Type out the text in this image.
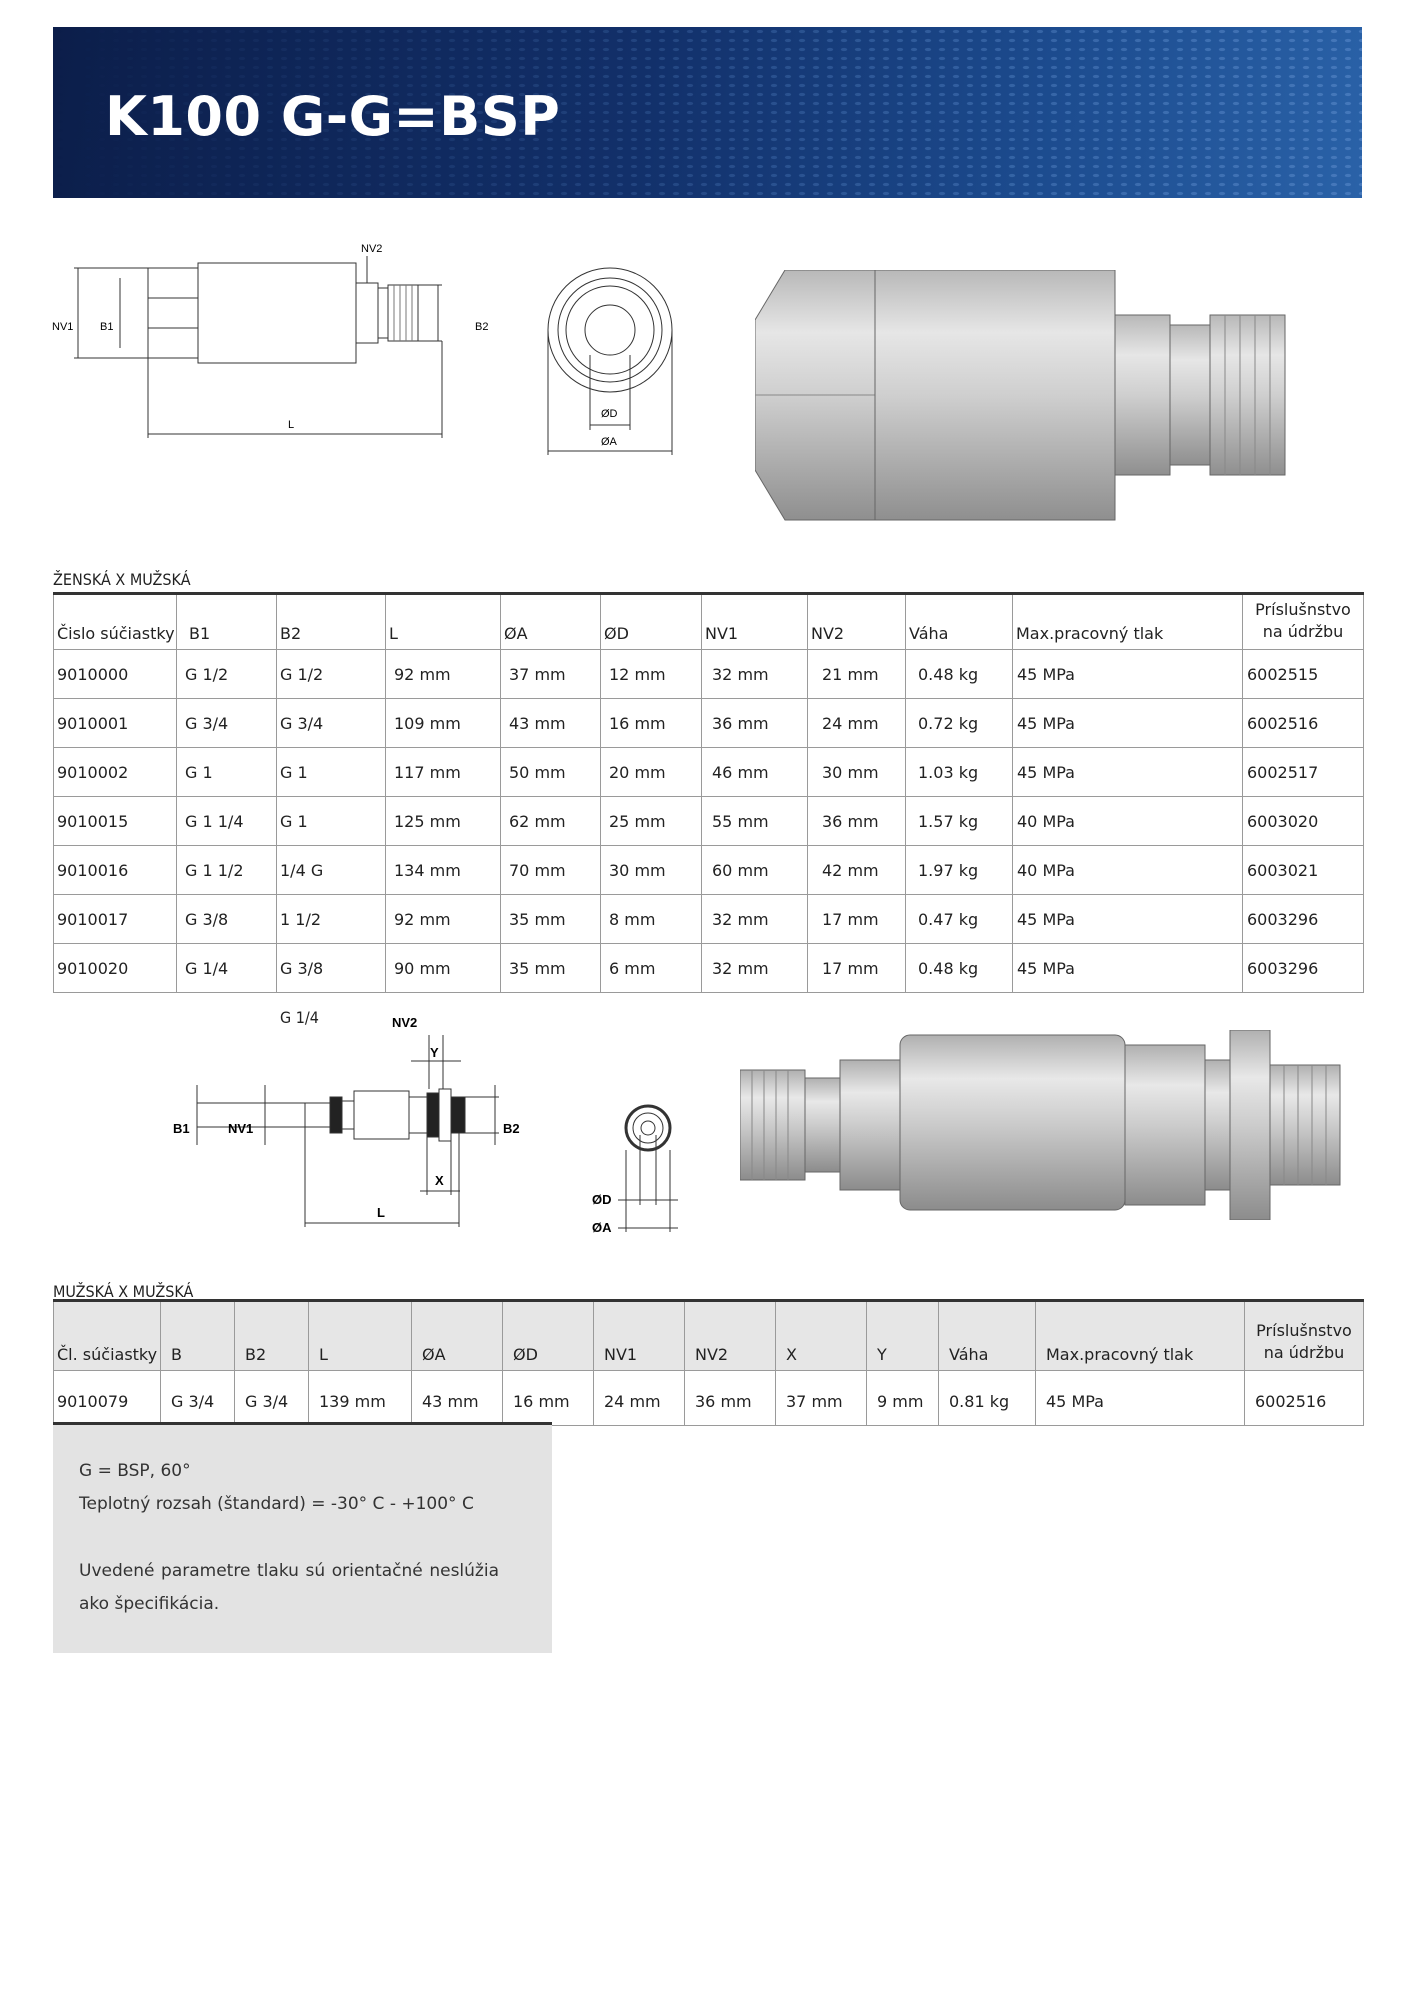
K100 G-G=BSP
NV1 B1
NV2
B2
L
ØD
ØA
ŽENSKÁ X MUŽSKÁ
Čislo súčiastky	B1	B2	L	ØA	ØD	NV1	NV2	Váha	Max.pracovný tlak	Príslušnstvo na údržbu
9010000	G 1/2	G 1/2	92 mm	37 mm	12 mm	32 mm	21 mm	0.48 kg	45 MPa	6002515
9010001	G 3/4	G 3/4	109 mm	43 mm	16 mm	36 mm	24 mm	0.72 kg	45 MPa	6002516
9010002	G 1	G 1	117 mm	50 mm	20 mm	46 mm	30 mm	1.03 kg	45 MPa	6002517
9010015	G 1 1/4	G 1	125 mm	62 mm	25 mm	55 mm	36 mm	1.57 kg	40 MPa	6003020
9010016	G 1 1/2	1/4 G	134 mm	70 mm	30 mm	60 mm	42 mm	1.97 kg	40 MPa	6003021
9010017	G 3/8	1 1/2	92 mm	35 mm	8 mm	32 mm	17 mm	0.47 kg	45 MPa	6003296
9010020	G 1/4	G 3/8	90 mm	35 mm	6 mm	32 mm	17 mm	0.48 kg	45 MPa	6003296
G 1/4	NV2
Y
B1	NV1	B2
X
L
ØD
ØA
MUŽSKÁ X MUŽSKÁ
Čl. súčiastky	B	B2	L	ØA	ØD	NV1	NV2	X	Y	Váha	Max.pracovný tlak	Príslušnstvo na údržbu
9010079	G 3/4	G 3/4	139 mm	43 mm	16 mm	24 mm	36 mm	37 mm	9 mm	0.81 kg	45 MPa	6002516

G = BSP, 60°

Teplotný rozsah (štandard) = -30° C - +100° C

Uvedené parametre tlaku sú orientačné neslúžia ako špecifikácia.
